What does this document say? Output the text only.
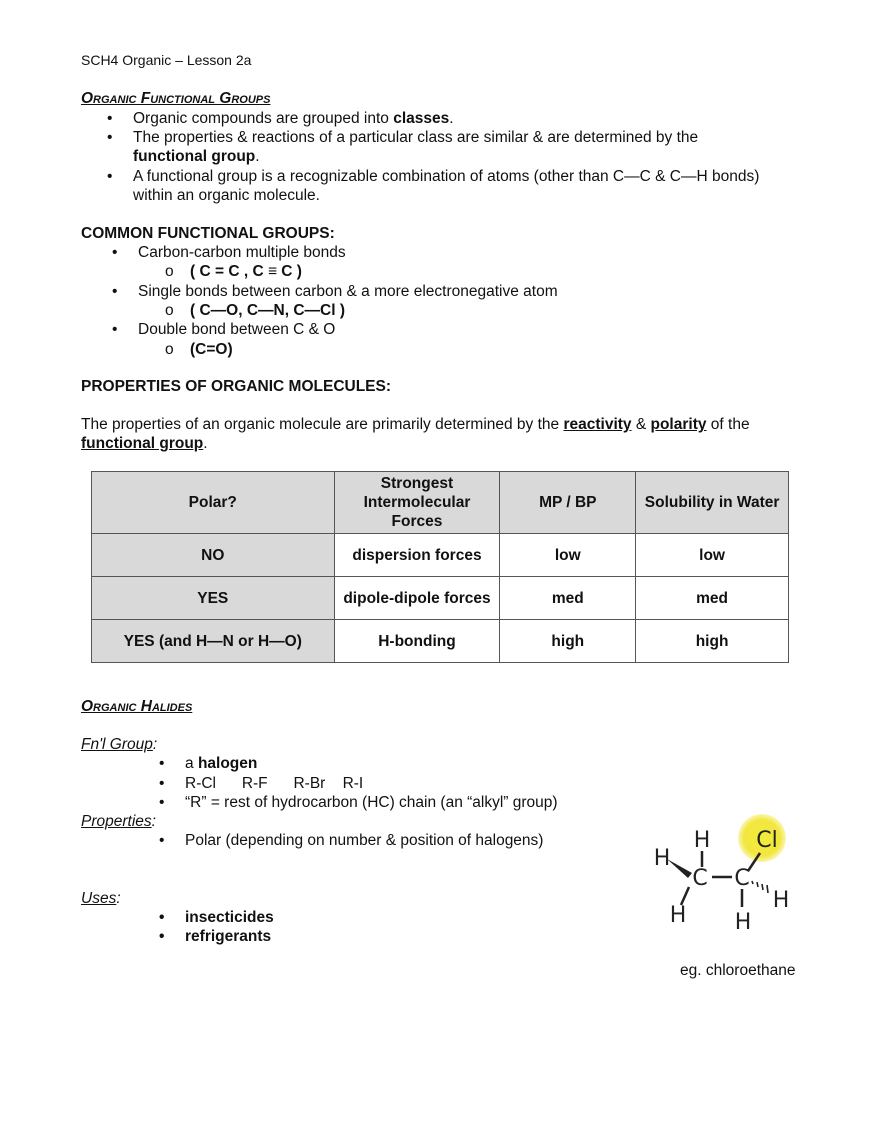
SCH4 Organic – Lesson 2a
Organic Functional Groups
• Organic compounds are grouped into classes.
• The properties & reactions of a particular class are similar & are determined by the
functional group.
• A functional group is a recognizable combination of atoms (other than C—C & C—H bonds)
within an organic molecule.
COMMON FUNCTIONAL GROUPS:
• Carbon-carbon multiple bonds
o ( C = C , C ≡ C )
• Single bonds between carbon & a more electronegative atom
o ( C—O, C—N, C—Cl )
• Double bond between C & O
o (C=O)
PROPERTIES OF ORGANIC MOLECULES:
The properties of an organic molecule are primarily determined by the reactivity & polarity of the
functional group.
Polar?	Strongest Intermolecular Forces	MP / BP	Solubility in Water
NO	dispersion forces	low	low
YES	dipole-dipole forces	med	med
YES (and H—N or H—O)	H-bonding	high	high
Organic Halides
Fn'l Group:
• a halogen
• R-Cl      R-F      R-Br    R-I
• “R” = rest of hydrocarbon (HC) chain (an “alkyl” group)
Properties:
• Polar (depending on number & position of halogens)
Uses:
• insecticides
• refrigerants
H
H
C C
Cl
H H
H
eg. chloroethane
